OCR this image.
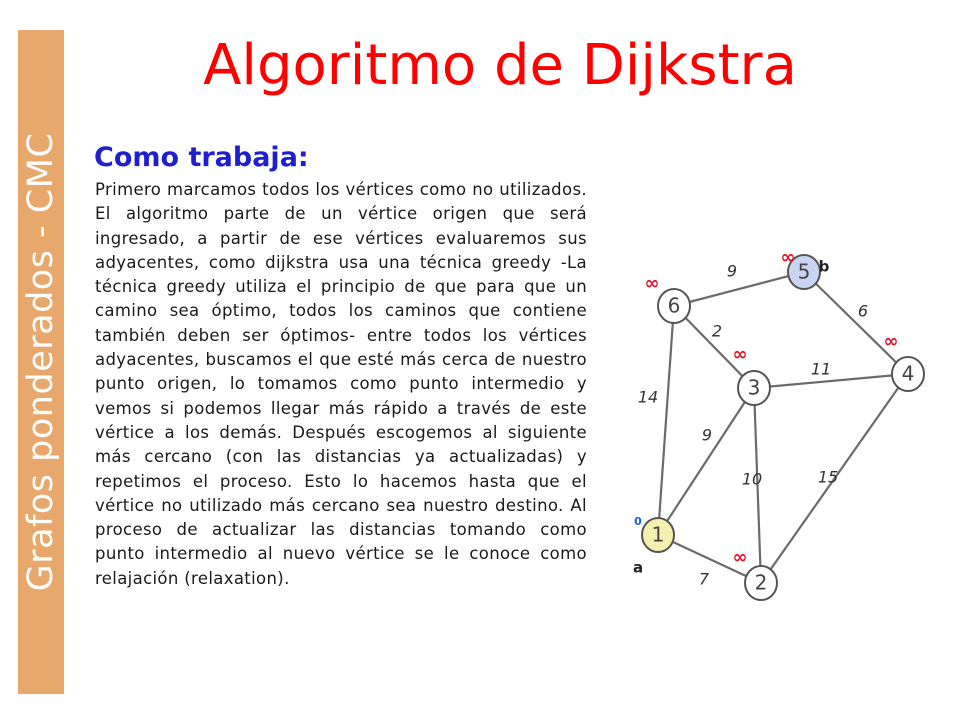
Grafos ponderados - CMC
Algoritmo de Dijkstra
Como trabaja:

Primero marcamos todos los vértices como no utilizados. El algoritmo parte de un vértice origen que será ingresado, a partir de ese vértices evaluaremos sus adyacentes, como dijkstra usa una técnica greedy -La técnica greedy utiliza el principio de que para que un camino sea óptimo, todos los caminos que contiene también deben ser óptimos- entre todos los vértices adyacentes, buscamos el que esté más cerca de nuestro punto origen, lo tomamos como punto intermedio y vemos si podemos llegar más rápido a través de este vértice a los demás. Después escogemos al siguiente más cercano (con las distancias ya actualizadas) y repetimos el proceso. Esto lo hacemos hasta que el vértice no utilizado más cercano sea nuestro destino. Al proceso de actualizar las distancias tomando como punto intermedio al nuevo vértice se le conoce como relajación (relaxation).

9
2
14
6
11
9
10	15
7
1
0
a
2
∞
3
∞
4
∞
5
∞ b
6
∞
